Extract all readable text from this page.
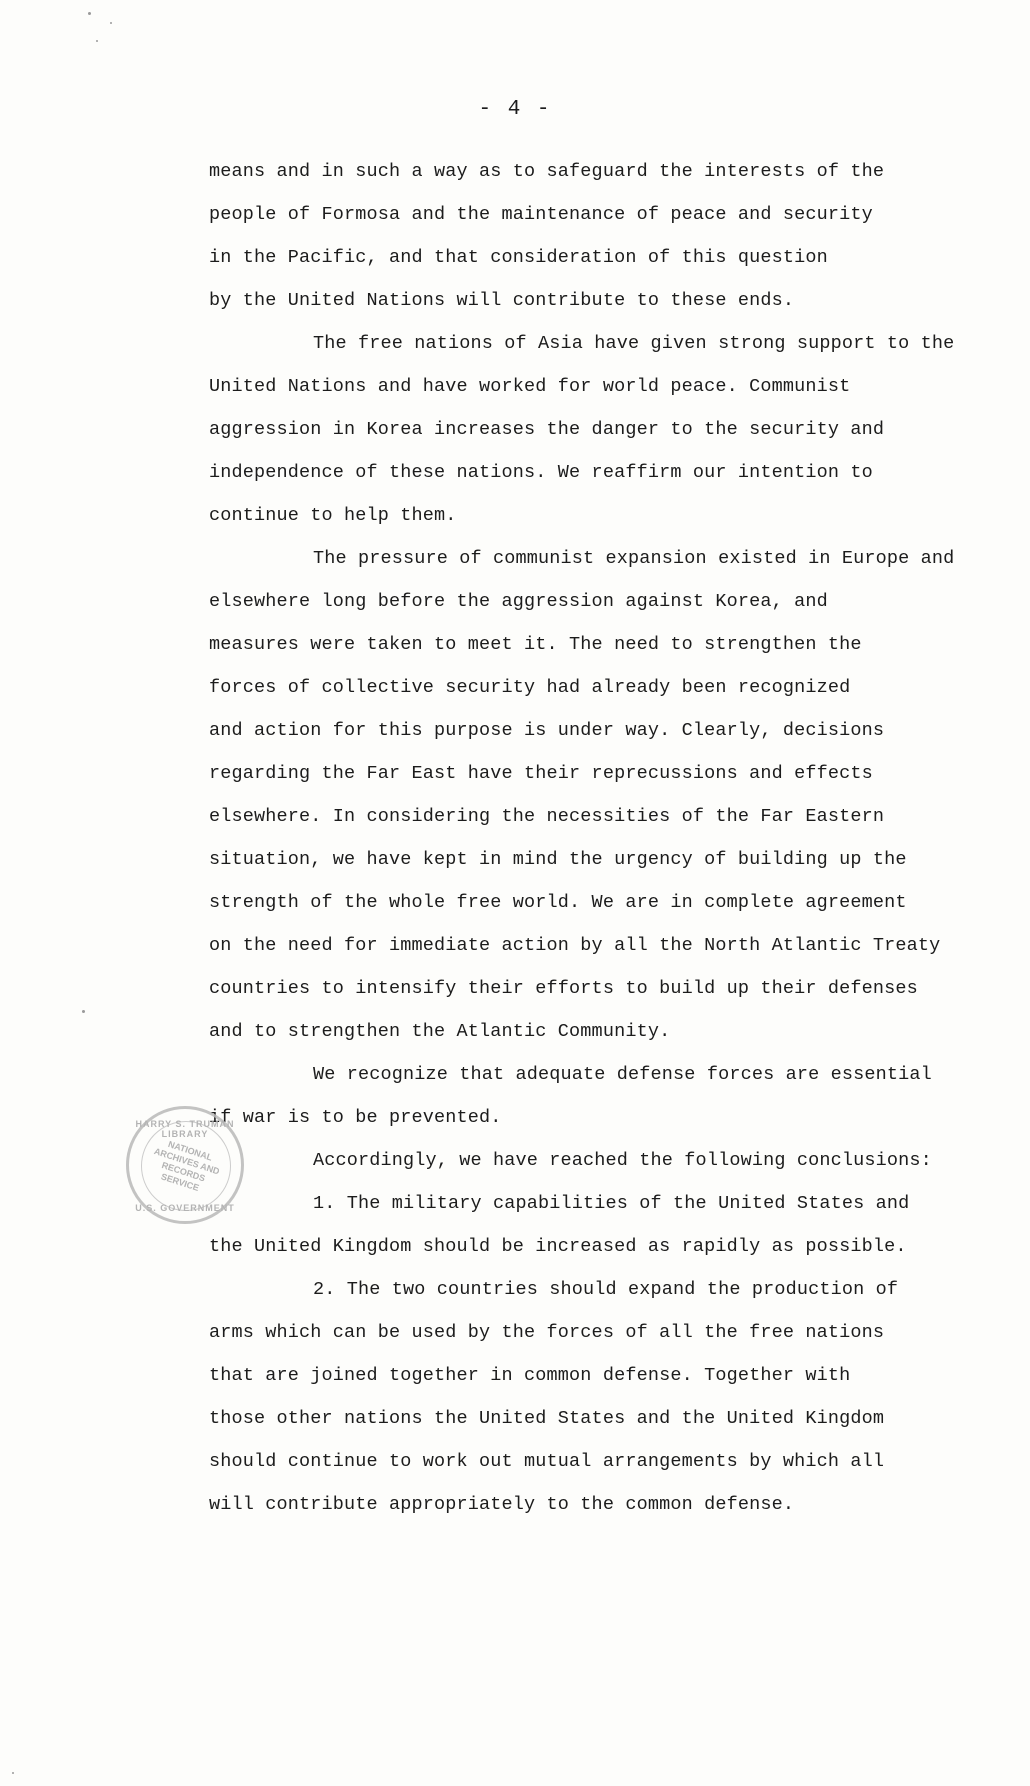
- 4 -
means and in such a way as to safeguard the interests of the
people of Formosa and the maintenance of peace and security
in the Pacific, and that consideration of this question
by the United Nations will contribute to these ends.
The free nations of Asia have given strong support to the
United Nations and have worked for world peace. Communist
aggression in Korea increases the danger to the security and
independence of these nations. We reaffirm our intention to
continue to help them.
The pressure of communist expansion existed in Europe and
elsewhere long before the aggression against Korea, and
measures were taken to meet it. The need to strengthen the
forces of collective security had already been recognized
and action for this purpose is under way. Clearly, decisions
regarding the Far East have their reprecussions and effects
elsewhere. In considering the necessities of the Far Eastern
situation, we have kept in mind the urgency of building up the
strength of the whole free world. We are in complete agreement
on the need for immediate action by all the North Atlantic Treaty
countries to intensify their efforts to build up their defenses
and to strengthen the Atlantic Community.
We recognize that adequate defense forces are essential
if war is to be prevented.
Accordingly, we have reached the following conclusions:
1. The military capabilities of the United States and
the United Kingdom should be increased as rapidly as possible.
2. The two countries should expand the production of
arms which can be used by the forces of all the free nations
that are joined together in common defense. Together with
those other nations the United States and the United Kingdom
should continue to work out mutual arrangements by which all
will contribute appropriately to the common defense.
HARRY S. TRUMAN LIBRARY
NATIONAL ARCHIVES AND RECORDS SERVICE
U.S. GOVERNMENT
